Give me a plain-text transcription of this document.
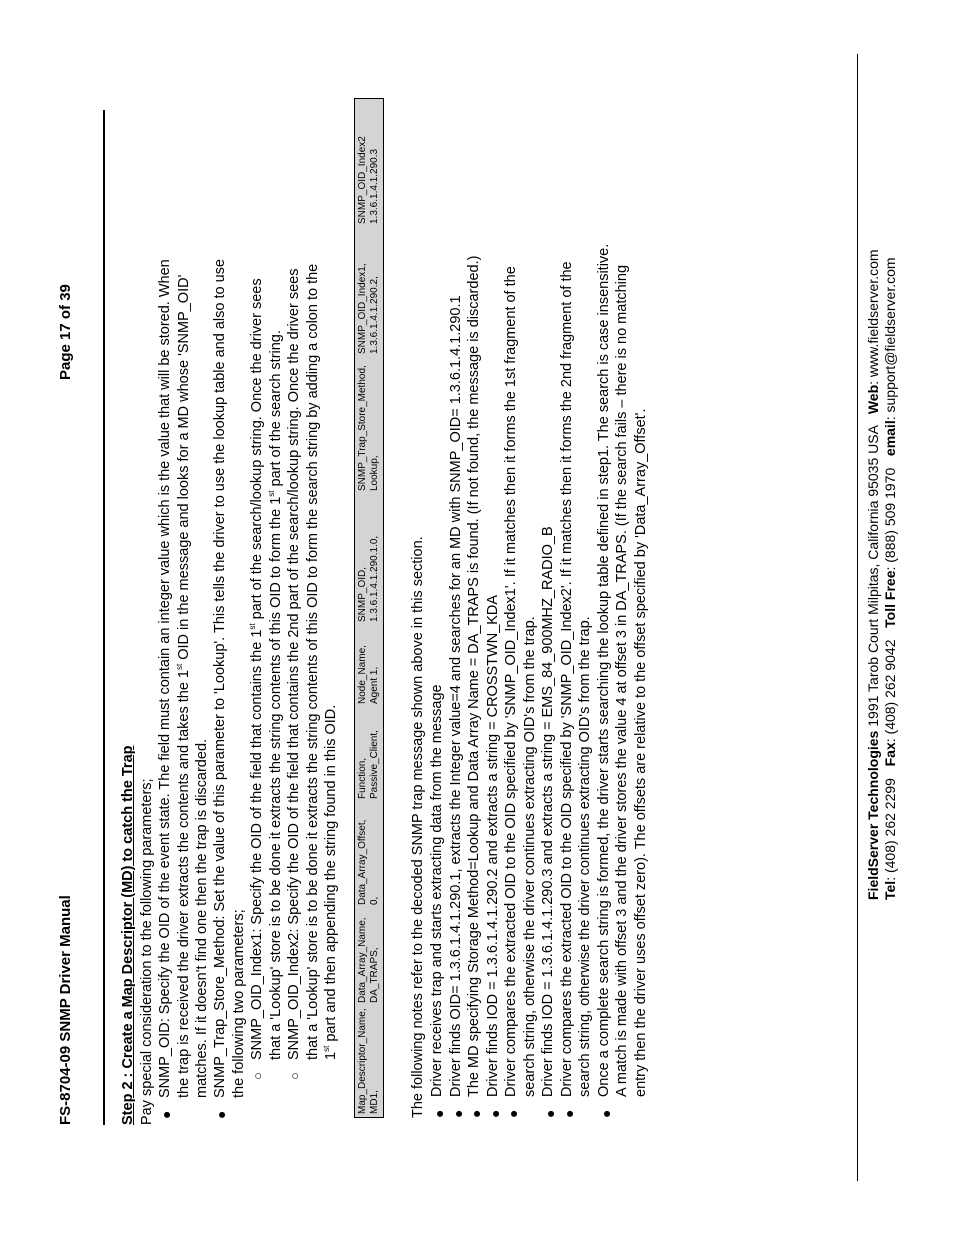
FS-8704-09 SNMP Driver Manual
Page 17 of 39
Step 2 : Create a Map Descriptor (MD) to catch the Trap Pay special consideration to the following parameters; ●
SNMP_OID: Specify the OID of the event state. The field must contain an integer value which is the value that will be stored. When the trap is received the driver extracts the contents and takes the 1st OID in the message and looks for a MD whose 'SNMP_OID'
matches. If it doesn't find one then the trap is discarded.
●
SNMP_Trap_Store_Method: Set the value of this parameter to 'Lookup'. This tells the driver to use the lookup table and also to use the following two parameters; ○
SNMP_OID_Index1: Specify the OID of the field that contains the 1st part of the search/lookup string. Once the driver sees
that a 'Lookup' store is to be done it extracts the string contents of this OID to form the 1st part of the search string.
○
SNMP_OID_Index2: Specify the OID of the field that contains the 2nd part of the search/lookup string. Once the driver sees that a 'Lookup' store is to be done it extracts the string contents of this OID to form the search string by adding a colon to the 1st part and then appending the string found in this OID.
Map_Descriptor_Name, MD1,
Data_Array_Name, DA_TRAPS,
Data_Array_Offset, 0,
Function, Passive_Client,
Node_Name, Agent 1,
SNMP_OID, 1.3.6.1.4.1.290.1.0,
SNMP_Trap_Store_Method, Lookup,
SNMP_OID_Index1, 1.3.6.1.4.1.290.2,
SNMP_OID_Index2 1.3.6.1.4.1.290.3
The following notes refer to the decoded SNMP trap message shown above in this section. ●
Driver receives trap and starts extracting data from the message
●
Driver finds OID= 1.3.6.1.4.1.290.1, extracts the Integer value=4 and searches for an MD with SNMP_OID= 1.3.6.1.4.1.290.1
●
The MD specifying Storage Method=Lookup and Data Array Name = DA_TRAPS is found. (If not found, the message is discarded.)
●
Driver finds IOD = 1.3.6.1.4.1.290.2 and extracts a string = CROSSTWN_KDA
●
Driver compares the extracted OID to the OID specified by 'SNMP_OID_Index1'. If it matches then it forms the 1st fragment of the search string, otherwise the driver continues extracting OID's from the trap.
●
Driver finds IOD = 1.3.6.1.4.1.290.3 and extracts a string = EMS_84_900MHZ_RADIO_B
●
Driver compares the extracted OID to the OID specified by 'SNMP_OID_Index2'. If it matches then it forms the 2nd fragment of the search string, otherwise the driver continues extracting OID's from the trap.
●
Once a complete search string is formed, the driver starts searching the lookup table defined in step1. The search is case insensitive. A match is made with offset 3 and the driver stores the value 4 at offset 3 in DA_TRAPS. (If the search fails – there is no matching entry then the driver uses offset zero). The offsets are relative to the offset specified by 'Data_Array_Offset'.	FieldServer Technologies 1991 Tarob Court Milpitas, California 95035 USA   Web: www.fieldserver.com
Tel: (408) 262 2299   Fax: (408) 262 9042   Toll Free: (888) 509 1970   email: support@fieldserver.com
